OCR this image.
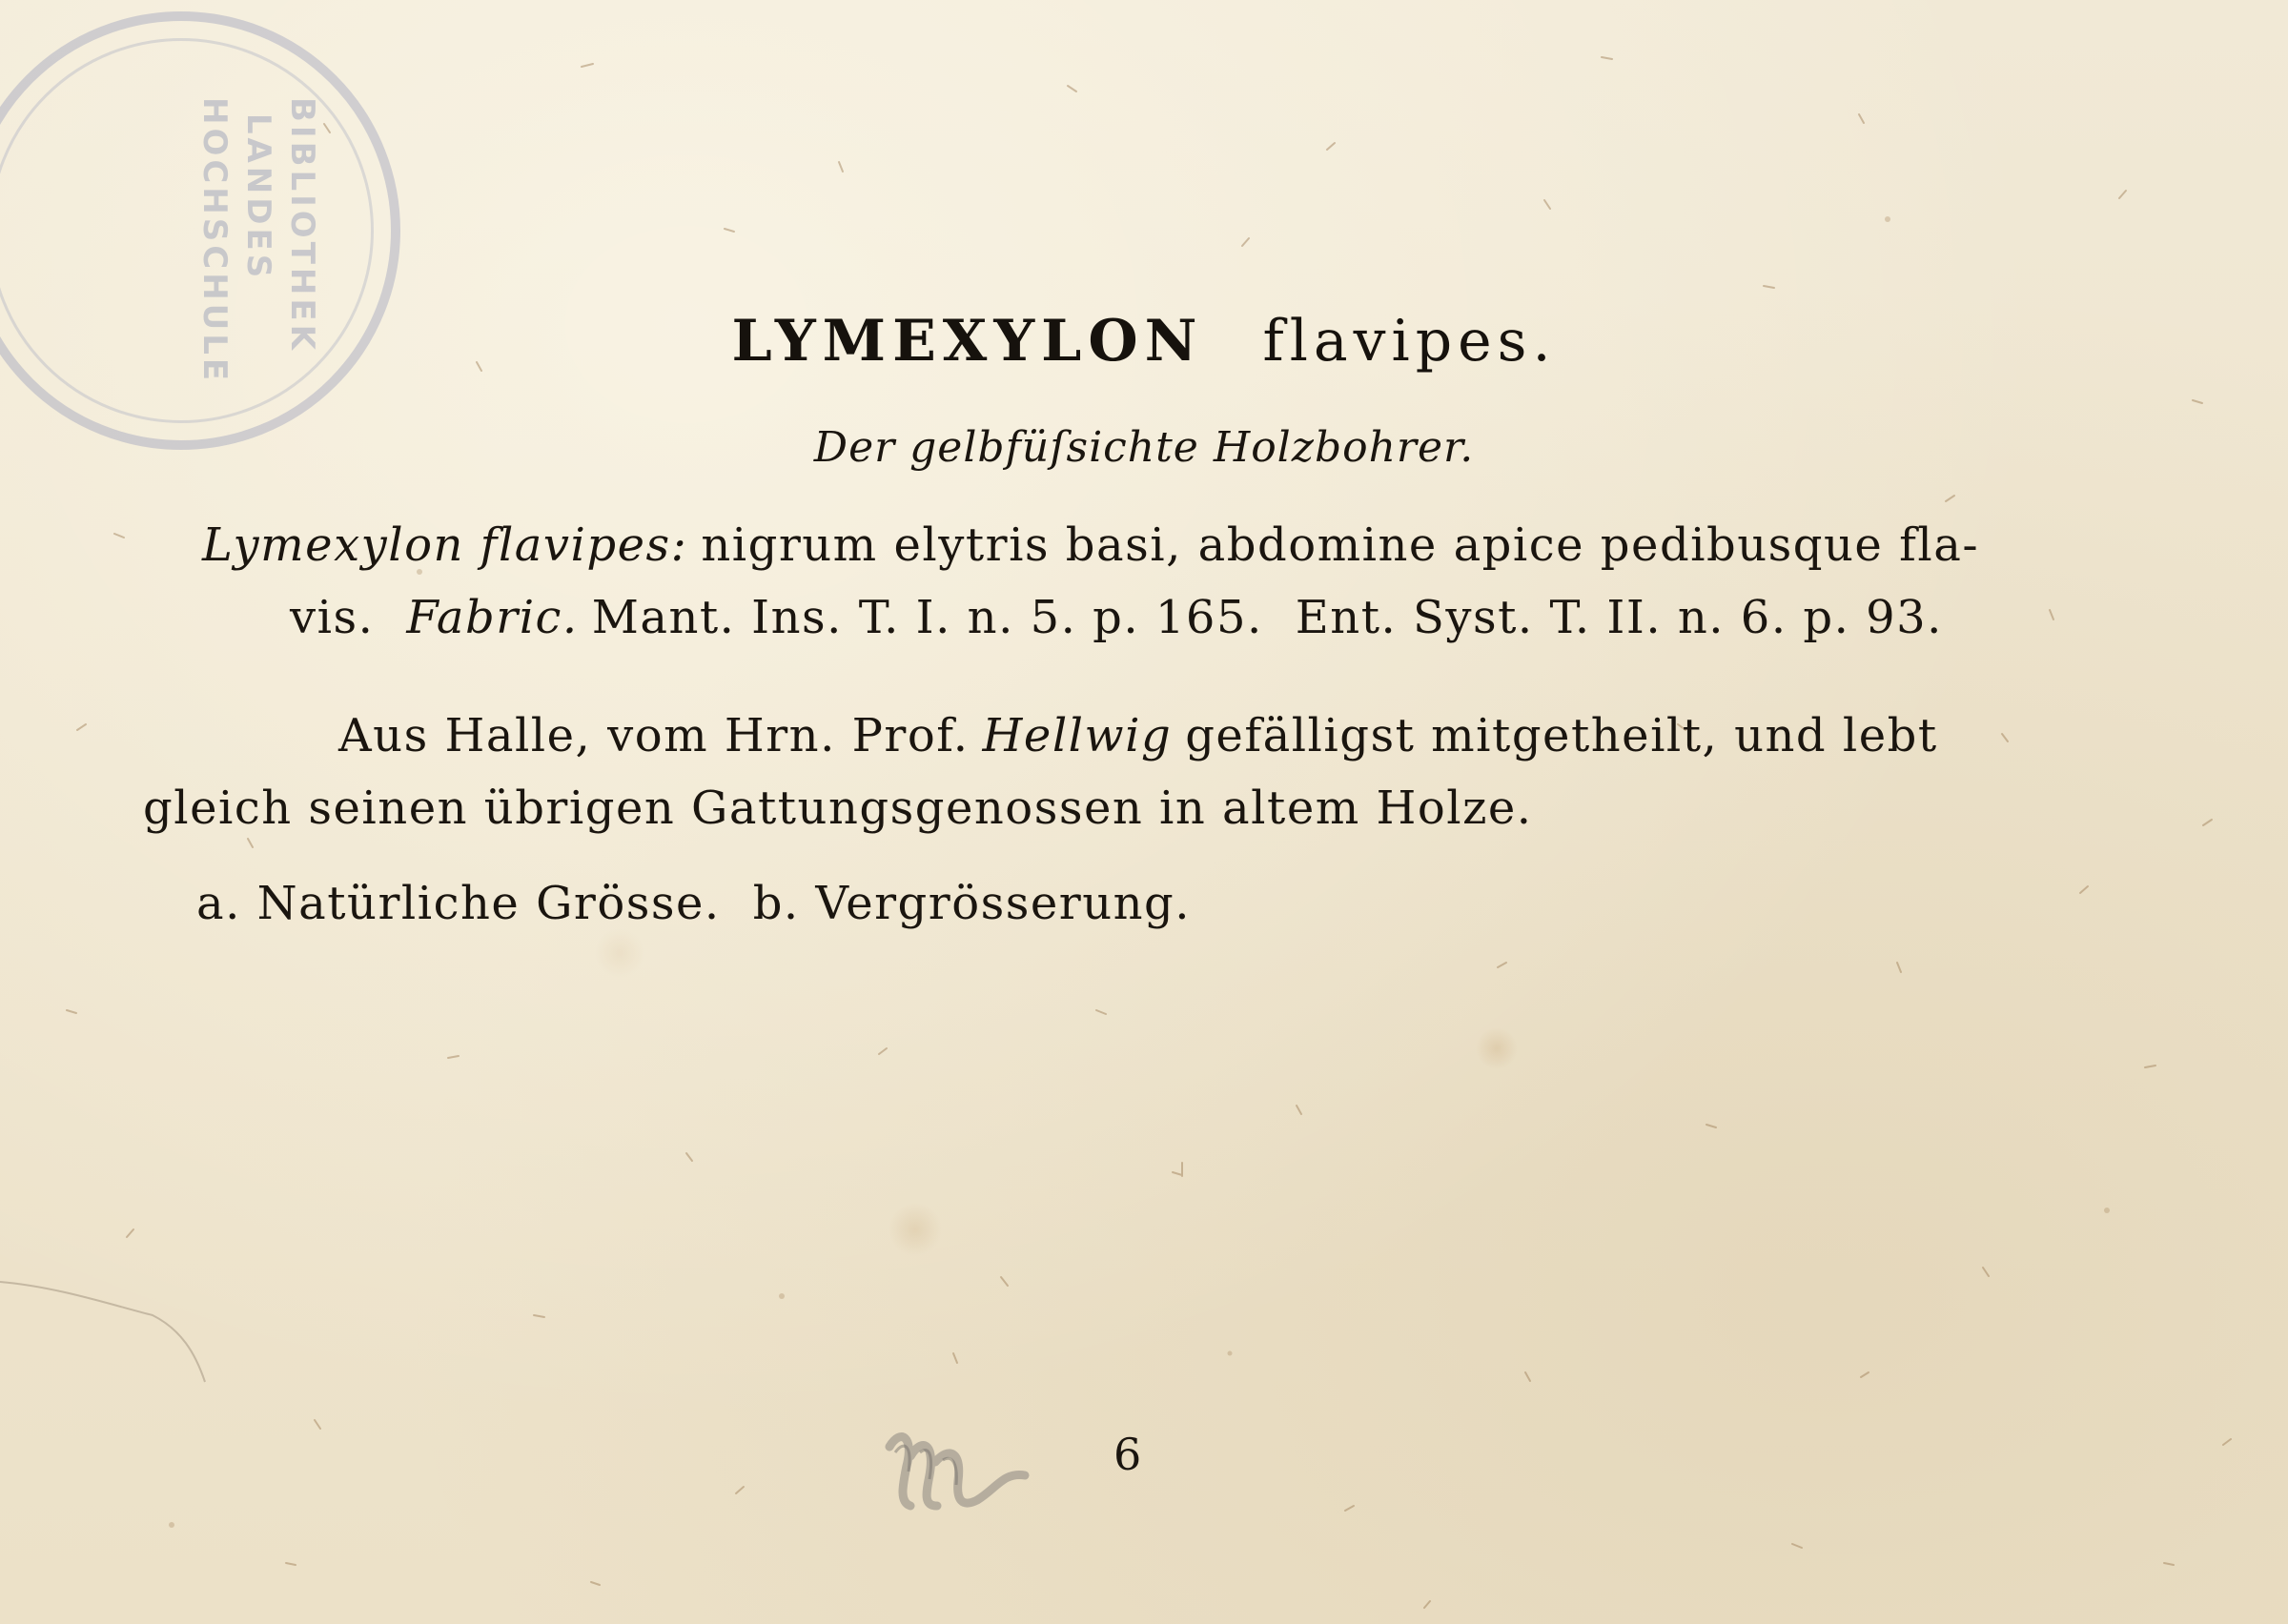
BIBLIOTHEK
LANDES
HOCHSCHULE	LYMEXYLON flavipes.
Der gelbfüſsichte Holzbohrer.
Lymexylon flavipes: nigrum elytris basi, abdomine apice pedibusque fla-
vis. Fabric. Mant. Ins. T. I. n. 5. p. 165. Ent. Syst. T. II. n. 6. p. 93.
Aus Halle, vom Hrn. Prof. Hellwig gefälligst mitgetheilt, und lebt
gleich seinen übrigen Gattungsgenossen in altem Holze.
a. Natürliche Grösse. b. Vergrösserung.
6
